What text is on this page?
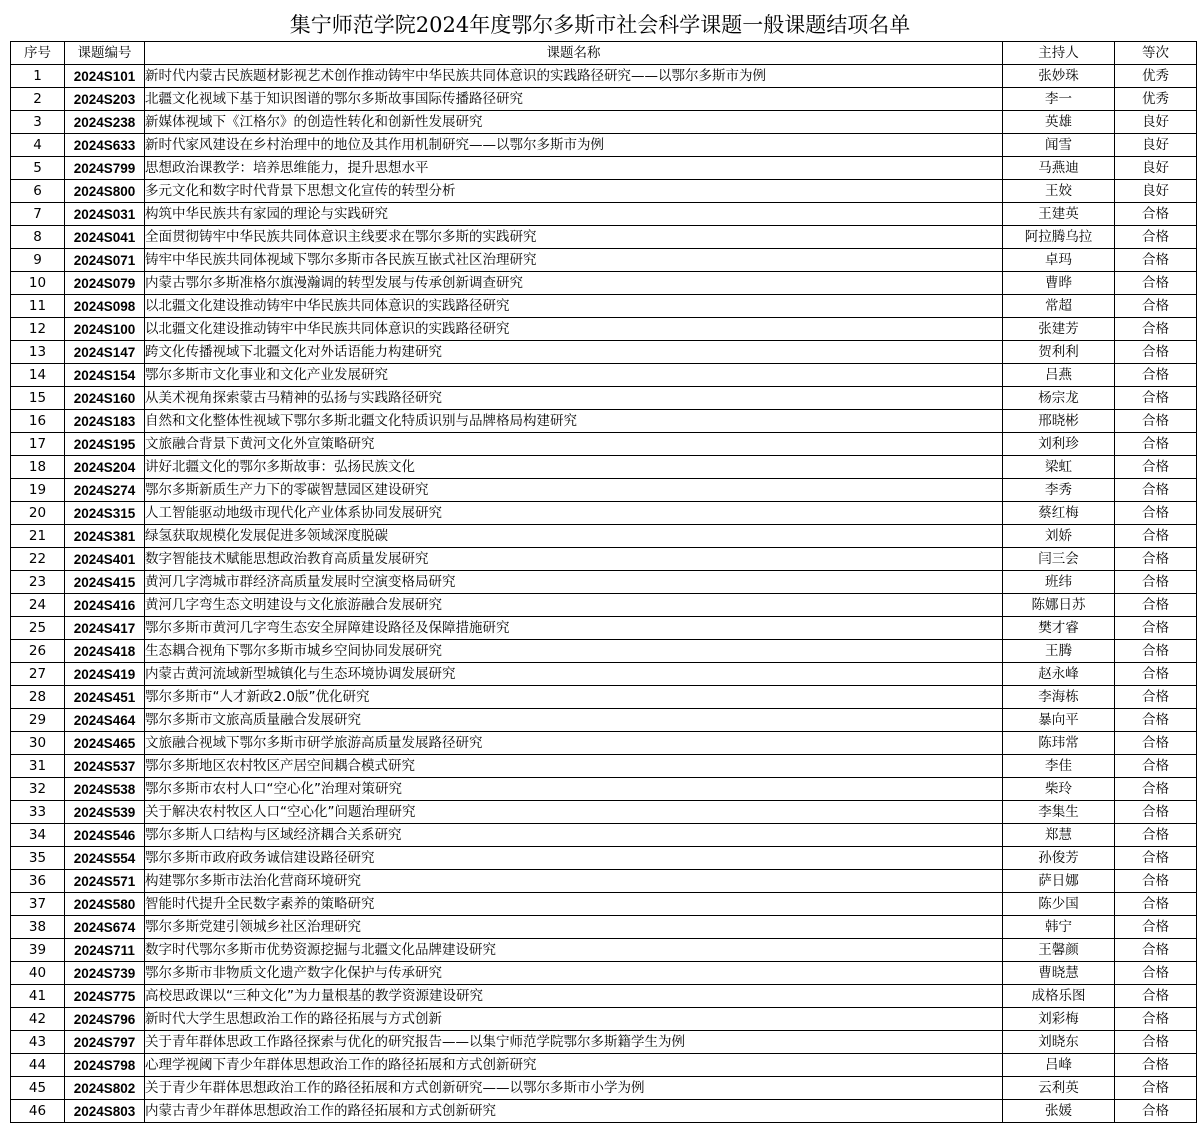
集宁师范学院2024年度鄂尔多斯市社会科学课题一般课题结项名单
序号	课题编号	课题名称	主持人	等次
1	2024S101	新时代内蒙古民族题材影视艺术创作推动铸牢中华民族共同体意识的实践路径研究——以鄂尔多斯市为例	张妙珠	优秀
2	2024S203	北疆文化视域下基于知识图谱的鄂尔多斯故事国际传播路径研究	李一	优秀
3	2024S238	新媒体视域下《江格尔》的创造性转化和创新性发展研究	英雄	良好
4	2024S633	新时代家风建设在乡村治理中的地位及其作用机制研究——以鄂尔多斯市为例	闻雪	良好
5	2024S799	思想政治课教学：培养思维能力，提升思想水平	马燕迪	良好
6	2024S800	多元文化和数字时代背景下思想文化宣传的转型分析	王姣	良好
7	2024S031	构筑中华民族共有家园的理论与实践研究	王建英	合格
8	2024S041	全面贯彻铸牢中华民族共同体意识主线要求在鄂尔多斯的实践研究	阿拉腾乌拉	合格
9	2024S071	铸牢中华民族共同体视域下鄂尔多斯市各民族互嵌式社区治理研究	卓玛	合格
10	2024S079	内蒙古鄂尔多斯准格尔旗漫瀚调的转型发展与传承创新调查研究	曹晔	合格
11	2024S098	以北疆文化建设推动铸牢中华民族共同体意识的实践路径研究	常超	合格
12	2024S100	以北疆文化建设推动铸牢中华民族共同体意识的实践路径研究	张建芳	合格
13	2024S147	跨文化传播视域下北疆文化对外话语能力构建研究	贺利利	合格
14	2024S154	鄂尔多斯市文化事业和文化产业发展研究	吕燕	合格
15	2024S160	从美术视角探索蒙古马精神的弘扬与实践路径研究	杨宗龙	合格
16	2024S183	自然和文化整体性视域下鄂尔多斯北疆文化特质识别与品牌格局构建研究	邢晓彬	合格
17	2024S195	文旅融合背景下黄河文化外宣策略研究	刘利珍	合格
18	2024S204	讲好北疆文化的鄂尔多斯故事：弘扬民族文化	梁虹	合格
19	2024S274	鄂尔多斯新质生产力下的零碳智慧园区建设研究	李秀	合格
20	2024S315	人工智能驱动地级市现代化产业体系协同发展研究	蔡红梅	合格
21	2024S381	绿氢获取规模化发展促进多领域深度脱碳	刘娇	合格
22	2024S401	数字智能技术赋能思想政治教育高质量发展研究	闫三会	合格
23	2024S415	黄河几字湾城市群经济高质量发展时空演变格局研究	班纬	合格
24	2024S416	黄河几字弯生态文明建设与文化旅游融合发展研究	陈娜日苏	合格
25	2024S417	鄂尔多斯市黄河几字弯生态安全屏障建设路径及保障措施研究	樊才睿	合格
26	2024S418	生态耦合视角下鄂尔多斯市城乡空间协同发展研究	王腾	合格
27	2024S419	内蒙古黄河流域新型城镇化与生态环境协调发展研究	赵永峰	合格
28	2024S451	鄂尔多斯市“人才新政2.0版”优化研究	李海栋	合格
29	2024S464	鄂尔多斯市文旅高质量融合发展研究	暴向平	合格
30	2024S465	文旅融合视域下鄂尔多斯市研学旅游高质量发展路径研究	陈玮常	合格
31	2024S537	鄂尔多斯地区农村牧区产居空间耦合模式研究	李佳	合格
32	2024S538	鄂尔多斯市农村人口“空心化”治理对策研究	柴玲	合格
33	2024S539	关于解决农村牧区人口“空心化”问题治理研究	李集生	合格
34	2024S546	鄂尔多斯人口结构与区域经济耦合关系研究	郑慧	合格
35	2024S554	鄂尔多斯市政府政务诚信建设路径研究	孙俊芳	合格
36	2024S571	构建鄂尔多斯市法治化营商环境研究	萨日娜	合格
37	2024S580	智能时代提升全民数字素养的策略研究	陈少国	合格
38	2024S674	鄂尔多斯党建引领城乡社区治理研究	韩宁	合格
39	2024S711	数字时代鄂尔多斯市优势资源挖掘与北疆文化品牌建设研究	王馨颜	合格
40	2024S739	鄂尔多斯市非物质文化遗产数字化保护与传承研究	曹晓慧	合格
41	2024S775	高校思政课以“三种文化”为力量根基的教学资源建设研究	成格乐图	合格
42	2024S796	新时代大学生思想政治工作的路径拓展与方式创新	刘彩梅	合格
43	2024S797	关于青年群体思政工作路径探索与优化的研究报告——以集宁师范学院鄂尔多斯籍学生为例	刘晓东	合格
44	2024S798	心理学视阈下青少年群体思想政治工作的路径拓展和方式创新研究	吕峰	合格
45	2024S802	关于青少年群体思想政治工作的路径拓展和方式创新研究——以鄂尔多斯市小学为例	云利英	合格
46	2024S803	内蒙古青少年群体思想政治工作的路径拓展和方式创新研究	张媛	合格
